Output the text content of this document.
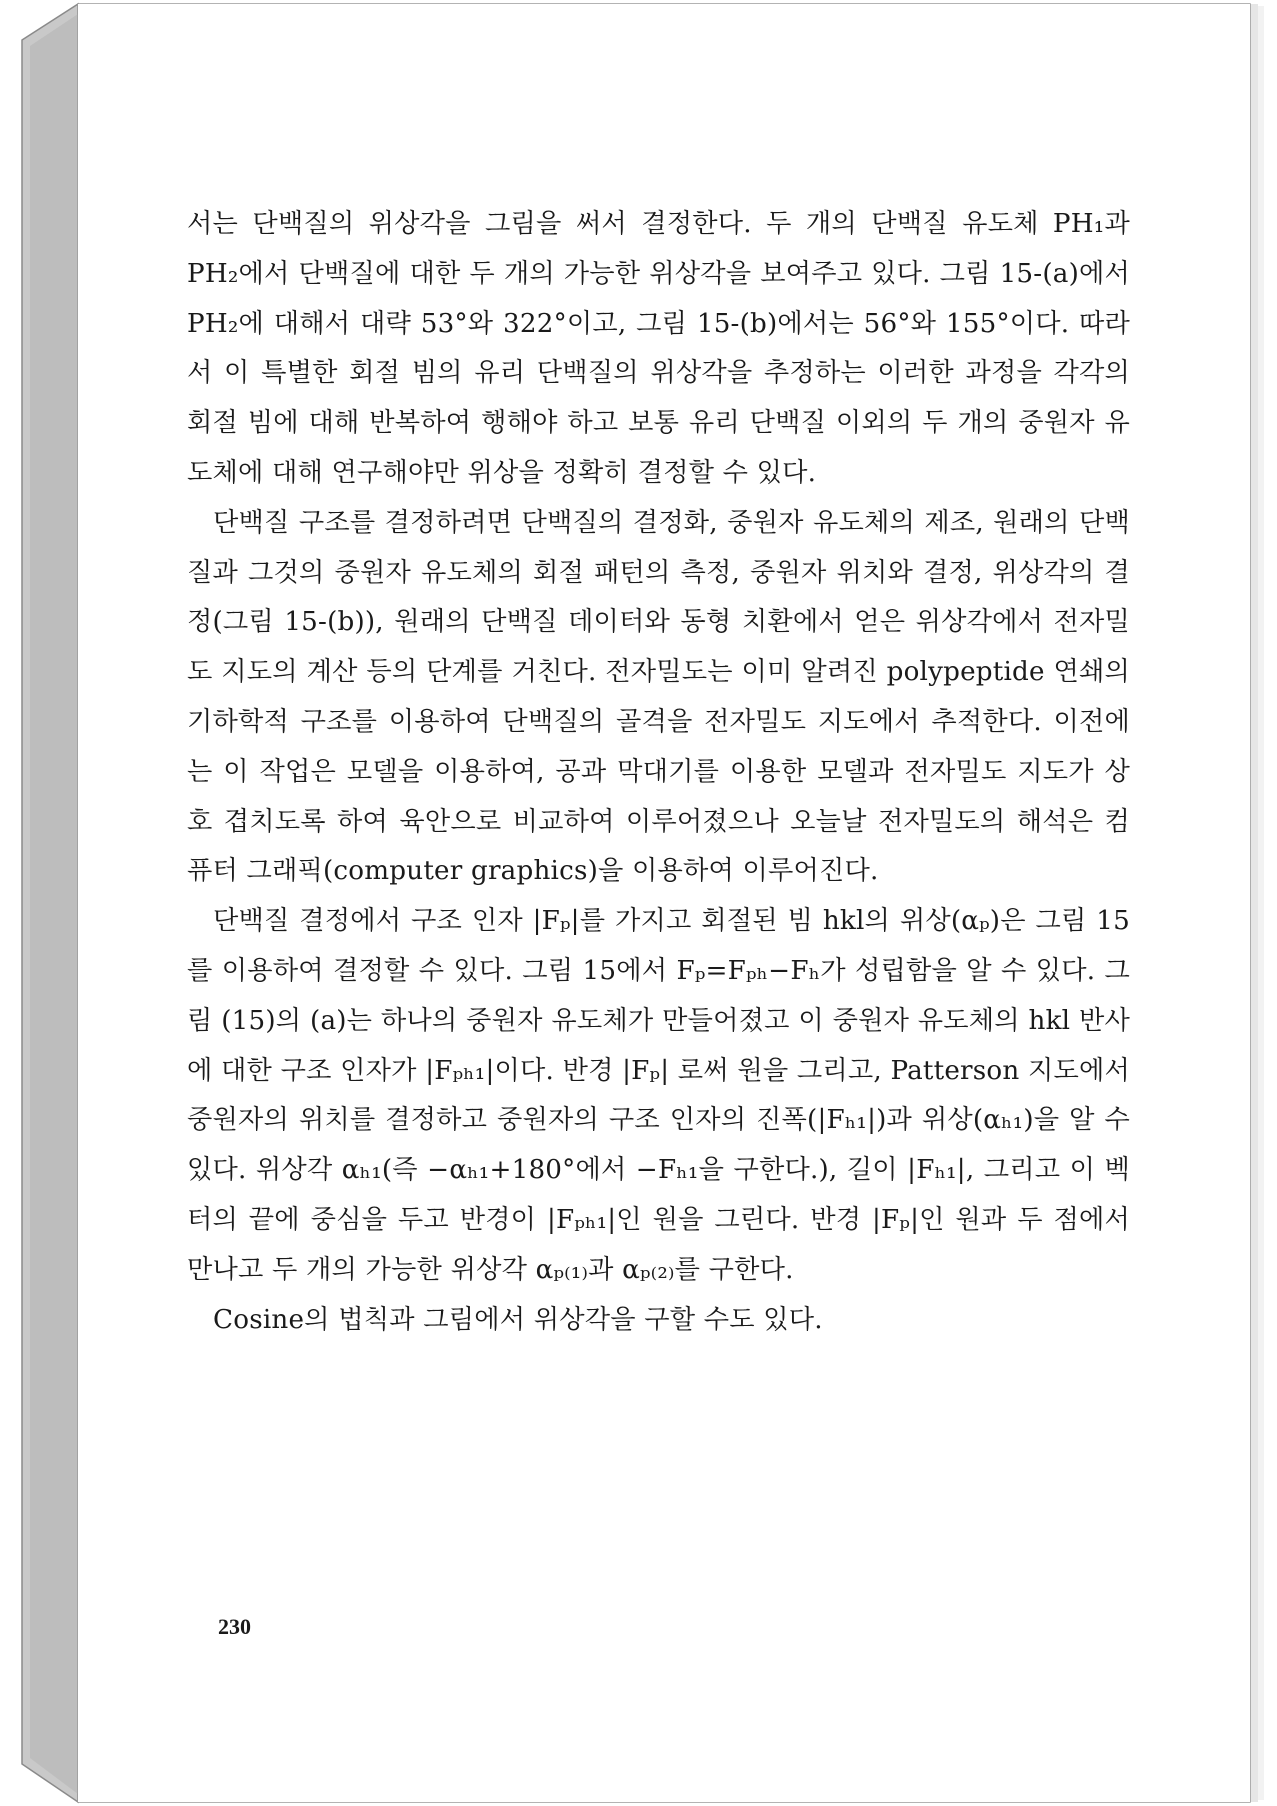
서는 단백질의 위상각을 그림을 써서 결정한다. 두 개의 단백질 유도체 PH₁과 PH₂에서 단백질에 대한 두 개의 가능한 위상각을 보여주고 있다. 그림 15-(a)에서 PH₂에 대해서 대략 53°와 322°이고, 그림 15-(b)에서는 56°와 155°이다. 따라서 이 특별한 회절 빔의 유리 단백질의 위상각을 추정하는 이러한 과정을 각각의 회절 빔에 대해 반복하여 행해야 하고 보통 유리 단백질 이외의 두 개의 중원자 유도체에 대해 연구해야만 위상을 정확히 결정할 수 있다.

단백질 구조를 결정하려면 단백질의 결정화, 중원자 유도체의 제조, 원래의 단백질과 그것의 중원자 유도체의 회절 패턴의 측정, 중원자 위치와 결정, 위상각의 결정(그림 15-(b)), 원래의 단백질 데이터와 동형 치환에서 얻은 위상각에서 전자밀도 지도의 계산 등의 단계를 거친다. 전자밀도는 이미 알려진 polypeptide 연쇄의 기하학적 구조를 이용하여 단백질의 골격을 전자밀도 지도에서 추적한다. 이전에는 이 작업은 모델을 이용하여, 공과 막대기를 이용한 모델과 전자밀도 지도가 상호 겹치도록 하여 육안으로 비교하여 이루어졌으나 오늘날 전자밀도의 해석은 컴퓨터 그래픽(computer graphics)을 이용하여 이루어진다.

단백질 결정에서 구조 인자 |Fₚ|를 가지고 회절된 빔 hkl의 위상(αₚ)은 그림 15를 이용하여 결정할 수 있다. 그림 15에서 Fₚ=Fₚₕ−Fₕ가 성립함을 알 수 있다. 그림 (15)의 (a)는 하나의 중원자 유도체가 만들어졌고 이 중원자 유도체의 hkl 반사에 대한 구조 인자가 |Fₚₕ₁|이다. 반경 |Fₚ| 로써 원을 그리고, Patterson 지도에서 중원자의 위치를 결정하고 중원자의 구조 인자의 진폭(|Fₕ₁|)과 위상(αₕ₁)을 알 수 있다. 위상각 αₕ₁(즉 −αₕ₁+180°에서 −Fₕ₁을 구한다.), 길이 |Fₕ₁|, 그리고 이 벡터의 끝에 중심을 두고 반경이 |Fₚₕ₁|인 원을 그린다. 반경 |Fₚ|인 원과 두 점에서 만나고 두 개의 가능한 위상각 αₚ₍₁₎과 αₚ₍₂₎를 구한다.

Cosine의 법칙과 그림에서 위상각을 구할 수도 있다.

230
